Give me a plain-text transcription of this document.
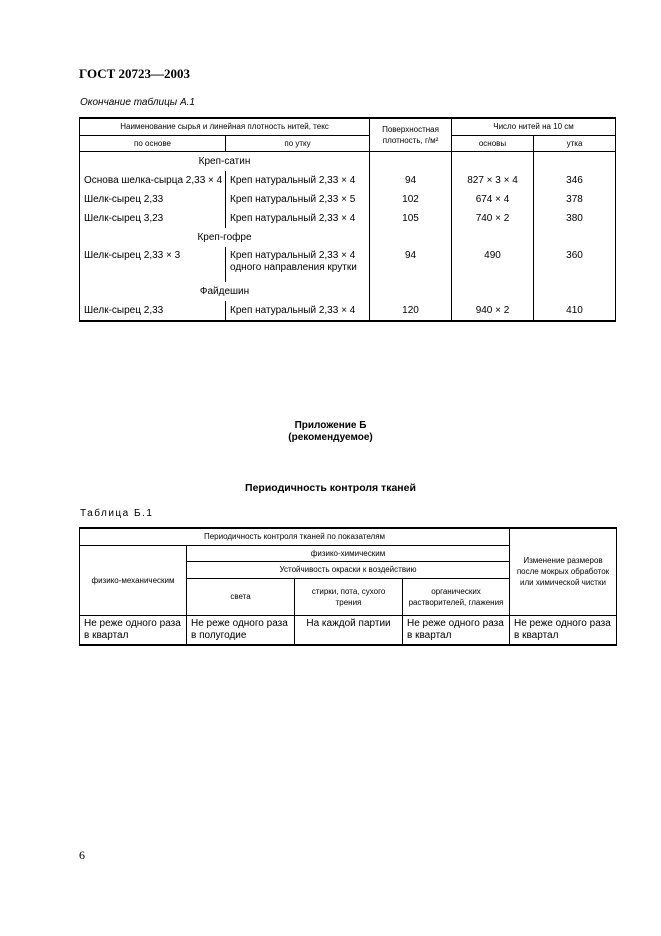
ГОСТ 20723—2003
Окончание таблицы А.1
Наименование сырья и линейная плотность нитей, текс		Поверхностная плотность, г/м²	Число нитей на 10 см	
по основе	по утку		основы	утка
Креп-сатин				
Основа шелка-сырца 2,33 × 4	Креп натуральный 2,33 × 4	94	827 × 3 × 4	346
Шелк-сырец 2,33	Креп натуральный 2,33 × 5	102	674 × 4	378
Шелк-сырец 3,23	Креп натуральный 2,33 × 4	105	740 × 2	380
Креп-гофре				
Шелк-сырец 2,33 × 3	Креп натуральный 2,33 × 4 одного направления крутки	94	490	360
Файдешин				
Шелк-сырец 2,33	Креп натуральный 2,33 × 4	120	940 × 2	410
Приложение Б
(рекомендуемое)
Периодичность контроля тканей
Таблица Б.1
Периодичность контроля тканей по показателям				Изменение размеров после мокрых обработок или химической чистки
физико-механическим	физико-химическим			
	Устойчивость окраски к воздействию			
	света	стирки, пота, сухого трения	органических растворителей, глажения	
Не реже одного раза в квартал	Не реже одного раза в полугодие	На каждой партии	Не реже одного раза в квартал	Не реже одного раза в квартал
6
